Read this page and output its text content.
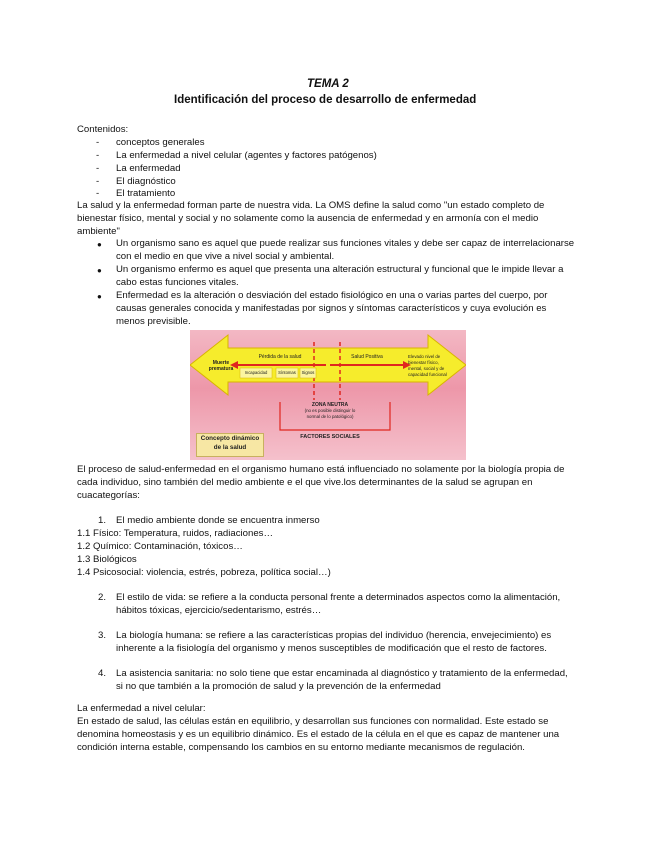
TEMA 2
Identificación del proceso de desarrollo de enfermedad
Contenidos:
- conceptos generales
- La enfermedad a nivel celular (agentes y factores patógenos)
- La enfermedad
- El diagnóstico
- El tratamiento
La salud y la enfermedad forman parte de nuestra vida. La OMS define la salud como "un estado completo de
bienestar físico, mental y social y no solamente como la ausencia de enfermedad y en armonía con el medio
ambiente"
● Un organismo sano es aquel que puede realizar sus funciones vitales y debe ser capaz de interrelacionarse
con el medio en que vive a nivel social y ambiental.
● Un organismo enfermo es aquel que presenta una alteración estructural y funcional que le impide llevar a
cabo estas funciones vitales.
● Enfermedad es la alteración o desviación del estado fisiológico en una o varias partes del cuerpo, por
causas generales conocida y manifestadas por signos y síntomas característicos y cuya evolución es
menos previsible.
Muerte prematura
Pérdida de la salud
Incapacidad	Síntomas	Signos
Salud Positiva	Elevado nivel de bienestar físico, mental, social y de capacidad funcional
ZONA NEUTRA
(no es posible distinguir lo normal de lo patológico)
FACTORES SOCIALES
Concepto dinámico de la salud
El proceso de salud-enfermedad en el organismo humano está influenciado no solamente por la biología propia de
cada individuo, sino también del medio ambiente e el que vive.los determinantes de la salud se agrupan en
cuacategorías:
1. El medio ambiente donde se encuentra inmerso
1.1 Físico: Temperatura, ruidos, radiaciones…
1.2 Químico: Contaminación, tóxicos…
1.3 Biológicos
1.4 Psicosocial: violencia, estrés, pobreza, política social…)
2. El estilo de vida: se refiere a la conducta personal frente a determinados aspectos como la alimentación,
hábitos tóxicas, ejercicio/sedentarismo, estrés…
3. La biología humana: se refiere a las características propias del individuo (herencia, envejecimiento) es
inherente a la fisiología del organismo y menos susceptibles de modificación que el resto de factores.
4. La asistencia sanitaria: no solo tiene que estar encaminada al diagnóstico y tratamiento de la enfermedad,
si no que también a la promoción de salud y la prevención de la enfermedad
La enfermedad a nivel celular:
En estado de salud, las células están en equilibrio, y desarrollan sus funciones con normalidad. Este estado se
denomina homeostasis y es un equilibrio dinámico. Es el estado de la célula en el que es capaz de mantener una
condición interna estable, compensando los cambios en su entorno mediante mecanismos de regulación.
